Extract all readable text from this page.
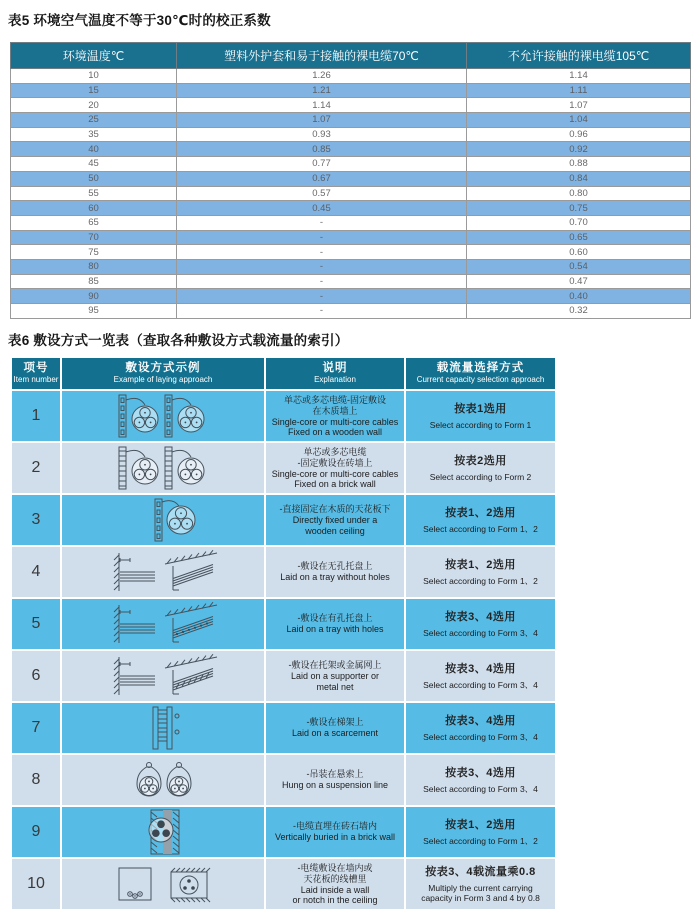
表5 环境空气温度不等于30℃时的校正系数
环境温度℃	塑料外护套和易于接触的裸电缆70℃	不允许接触的裸电缆105℃
10	1.26	1.14
15	1.21	1.11
20	1.14	1.07
25	1.07	1.04
35	0.93	0.96
40	0.85	0.92
45	0.77	0.88
50	0.67	0.84
55	0.57	0.80
60	0.45	0.75
65	-	0.70
70	-	0.65
75	-	0.60
80	-	0.54
85	-	0.47
90	-	0.40
95	-	0.32
表6 敷设方式一览表（查取各种敷设方式载流量的索引）
项号
Item number

敷设方式示例
Example of laying approach

说明
Explanation

载流量选择方式
Current capacity selection approach

1	

单芯或多芯电缆-固定敷设
在木质墙上
Single-core or multi-core cables
Fixed on a wooden wall

按表1选用
Select according to Form 1

2	

单芯或多芯电缆
-固定敷设在砖墙上
Single-core or multi-core cables
Fixed on a brick wall

按表2选用
Select according to Form 2

3	

-直接固定在木质的天花板下
Directly fixed under a
wooden ceiling

按表1、2选用
Select according to Form 1、2

4		-敷设在无孔托盘上
Laid on a tray without holes

按表1、2选用
Select according to Form 1、2

5		-敷设在有孔托盘上
Laid on a tray with holes

按表3、4选用
Select according to Form 3、4

6	

-敷设在托架或金属网上
Laid on a supporter or
metal net

按表3、4选用
Select according to Form 3、4

7		-敷设在梯架上
Laid on a scarcement

按表3、4选用
Select according to Form 3、4

8		-吊装在悬索上
Hung on a suspension line

按表3、4选用
Select according to Form 3、4

9		-电缆直埋在砖石墙内
Vertically buried in a brick wall

按表1、2选用
Select according to Form 1、2

10	

-电缆敷设在墙内或
天花板的线槽里
Laid inside a wall
or notch in the ceiling

按表3、4载流量乘0.8
Multiply the current carrying
capacity in Form 3 and 4 by 0.8
